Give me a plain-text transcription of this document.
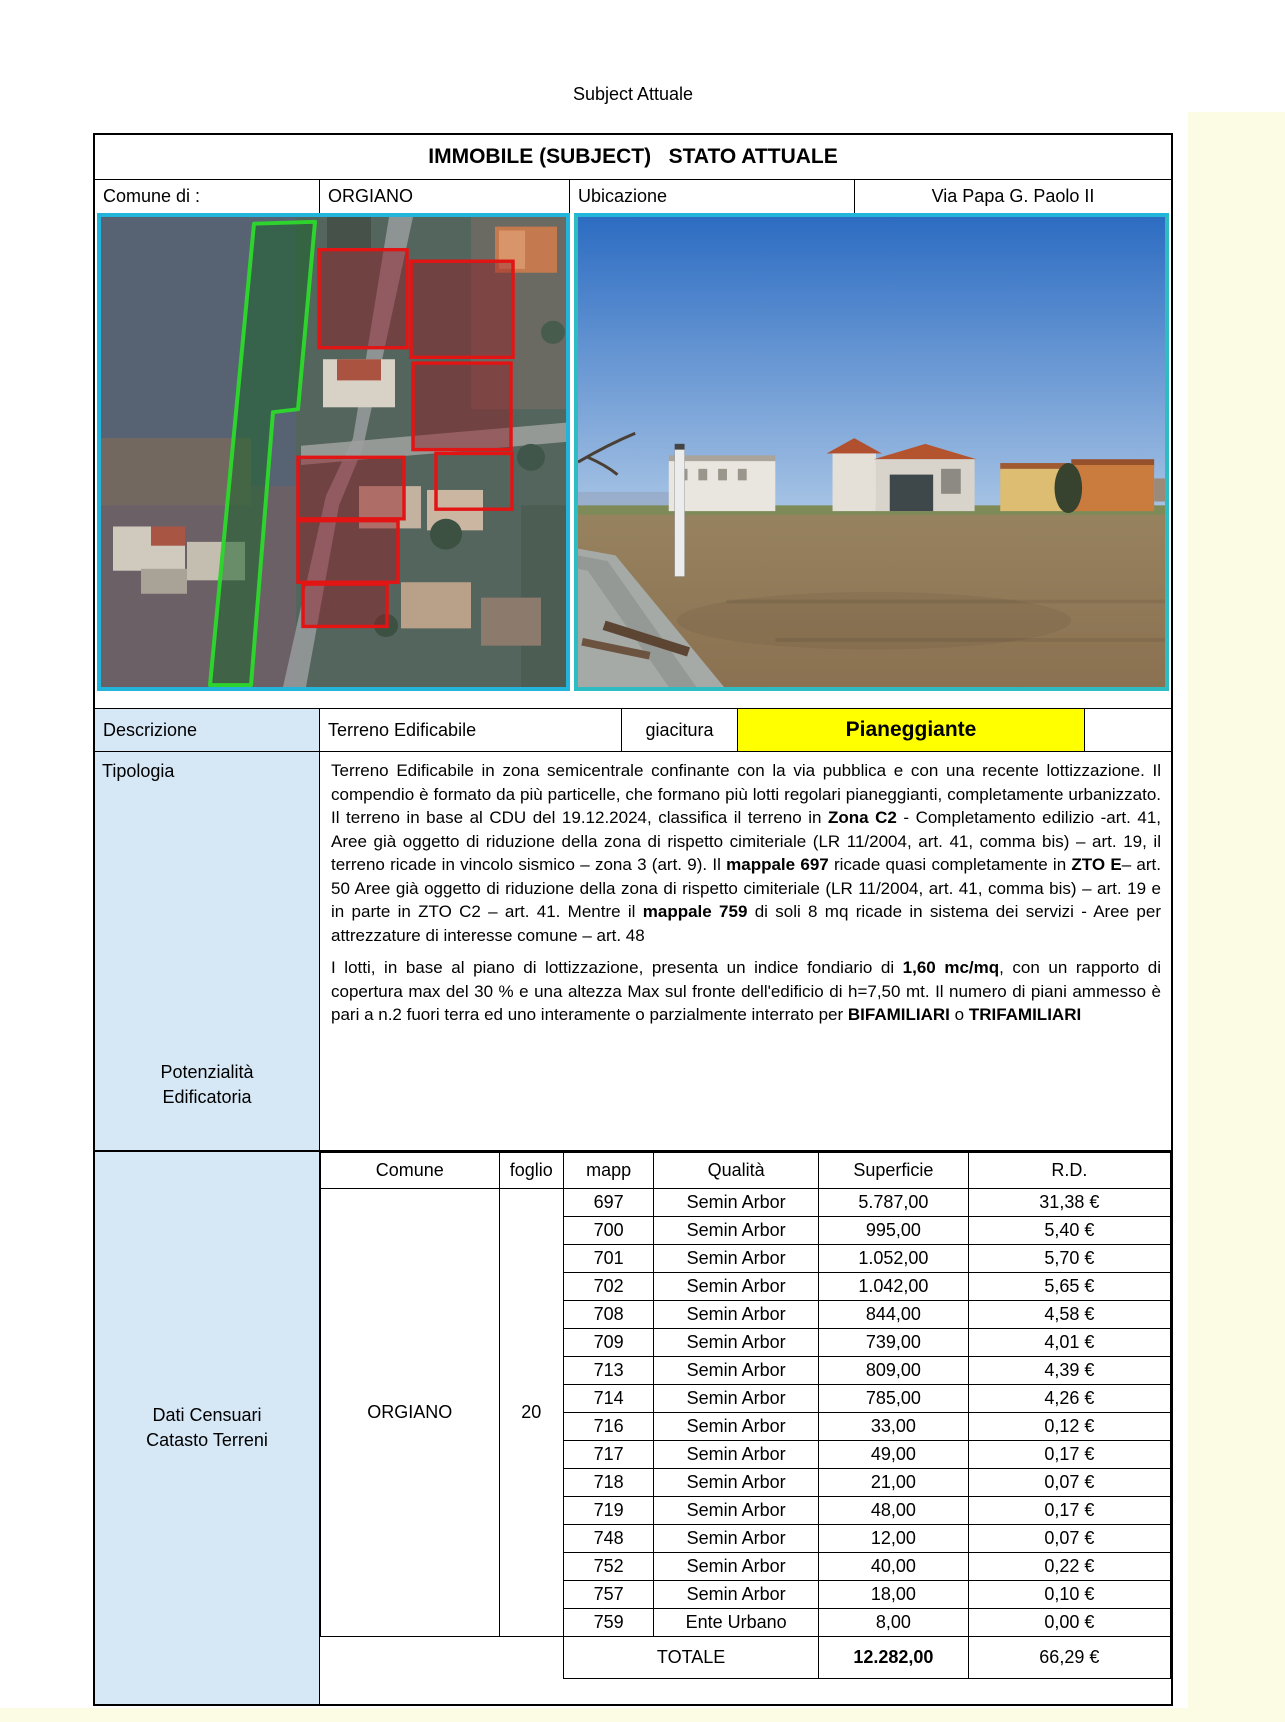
Subject Attuale
IMMOBILE (SUBJECT)   STATO ATTUALE
Comune di :	ORGIANO	Ubicazione	Via Papa G. Paolo II
Descrizione	Terreno Edificabile	giacitura	Pianeggiante
Tipologia
Potenzialità
Edificatoria

Terreno Edificabile in zona semicentrale confinante con la via pubblica e con una recente lottizzazione. Il compendio è formato da più particelle, che formano più lotti regolari pianeggianti, completamente urbanizzato. Il terreno in base al CDU del 19.12.2024, classifica il terreno in Zona C2 - Completamento edilizio -art. 41, Aree già oggetto di riduzione della zona di rispetto cimiteriale (LR 11/2004, art. 41, comma bis) – art. 19, il terreno ricade in vincolo sismico – zona 3 (art. 9). Il mappale 697 ricade quasi completamente in ZTO E– art. 50 Aree già oggetto di riduzione della zona di rispetto cimiteriale (LR 11/2004, art. 41, comma bis) – art. 19 e in parte in ZTO C2 – art. 41. Mentre il mappale 759 di soli 8 mq ricade in sistema dei servizi - Aree per attrezzature di interesse comune – art. 48

I lotti, in base al piano di lottizzazione, presenta un indice fondiario di 1,60 mc/mq, con un rapporto di copertura max del 30 % e una altezza Max sul fronte dell'edificio di h=7,50 mt. Il numero di piani ammesso è pari a n.2 fuori terra ed uno interamente o parzialmente interrato per BIFAMILIARI o TRIFAMILIARI

Dati Censuari
Catasto Terreni
Comune	foglio	mapp	Qualità	Superficie	R.D.
ORGIANO	20	697	Semin Arbor	5.787,00	31,38 €
		700	Semin Arbor	995,00	5,40 €
		701	Semin Arbor	1.052,00	5,70 €
		702	Semin Arbor	1.042,00	5,65 €
		708	Semin Arbor	844,00	4,58 €
		709	Semin Arbor	739,00	4,01 €
		713	Semin Arbor	809,00	4,39 €
		714	Semin Arbor	785,00	4,26 €
		716	Semin Arbor	33,00	0,12 €
		717	Semin Arbor	49,00	0,17 €
		718	Semin Arbor	21,00	0,07 €
		719	Semin Arbor	48,00	0,17 €
		748	Semin Arbor	12,00	0,07 €
		752	Semin Arbor	40,00	0,22 €
		757	Semin Arbor	18,00	0,10 €
		759	Ente Urbano	8,00	0,00 €
		TOTALE		12.282,00	66,29 €
